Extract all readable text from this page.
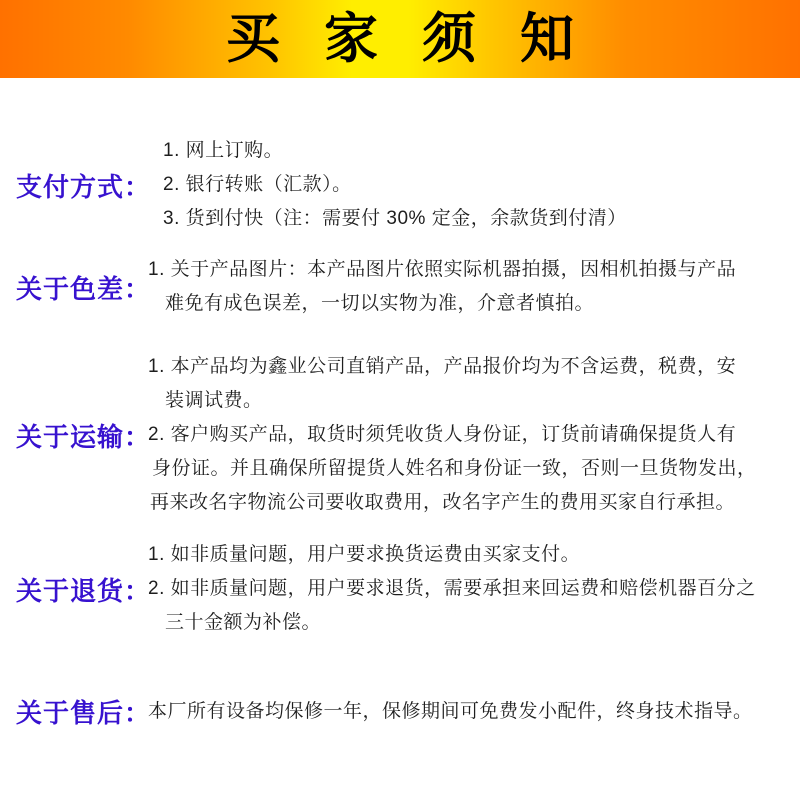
买家须知
支付方式：
1. 网上订购。
2. 银行转账（汇款）。
3. 货到付快（注：需要付 30% 定金，余款货到付清）
关于色差：
1. 关于产品图片：本产品图片依照实际机器拍摄，因相机拍摄与产品
难免有成色误差，一切以实物为准，介意者慎拍。
关于运输：
1. 本产品均为鑫业公司直销产品，产品报价均为不含运费，税费，安
装调试费。
2. 客户购买产品，取货时须凭收货人身份证，订货前请确保提货人有
身份证。并且确保所留提货人姓名和身份证一致，否则一旦货物发出，
再来改名字物流公司要收取费用，改名字产生的费用买家自行承担。
关于退货：
1. 如非质量问题，用户要求换货运费由买家支付。
2. 如非质量问题，用户要求退货，需要承担来回运费和赔偿机器百分之
三十金额为补偿。
关于售后：
本厂所有设备均保修一年，保修期间可免费发小配件，终身技术指导。
